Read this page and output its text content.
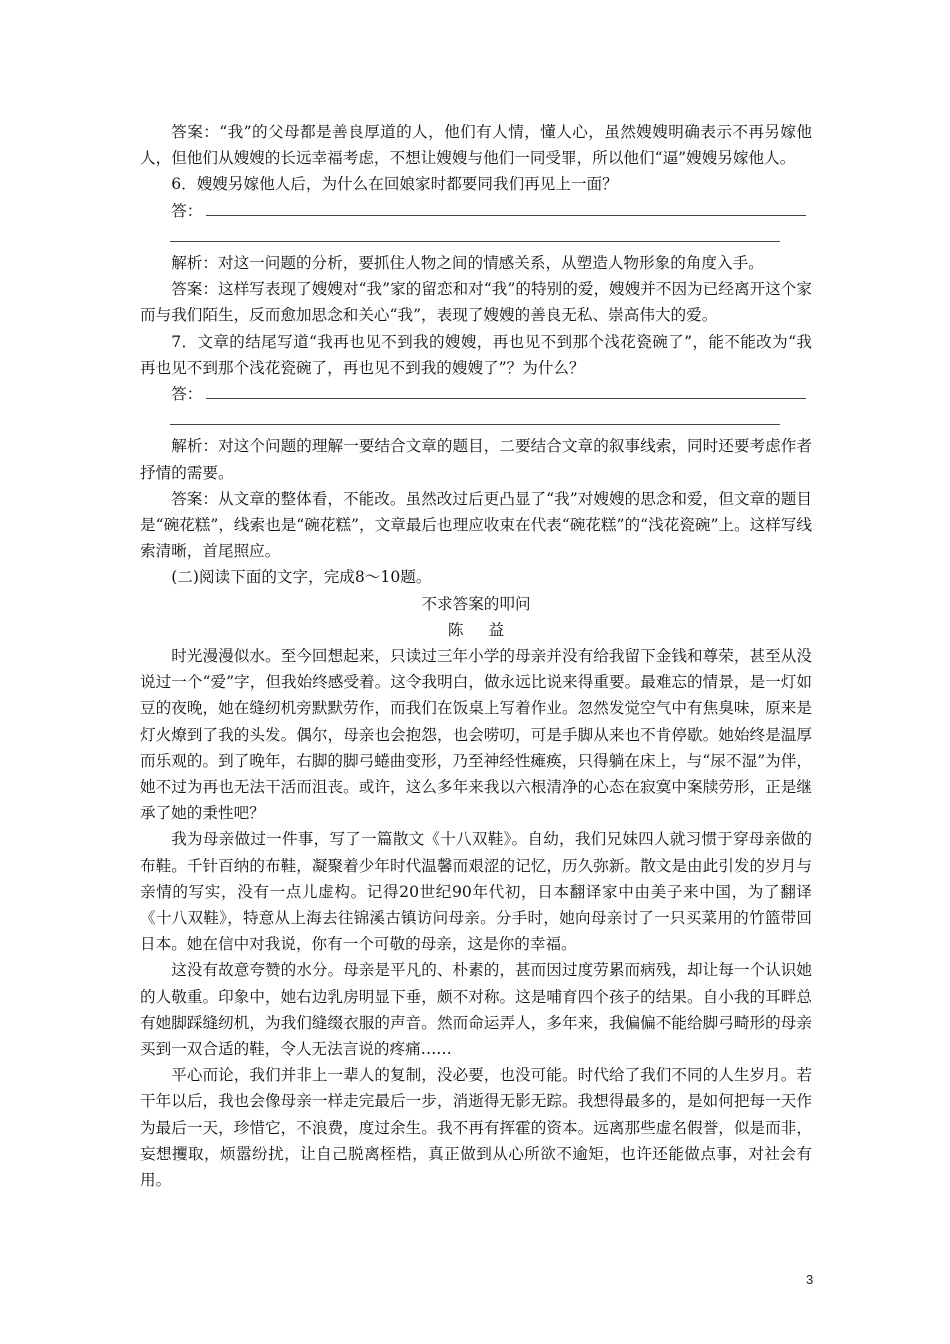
答案：“我”的父母都是善良厚道的人，他们有人情，懂人心，虽然嫂嫂明确表示不再另嫁他人，但他们从嫂嫂的长远幸福考虑，不想让嫂嫂与他们一同受罪，所以他们“逼”嫂嫂另嫁他人。

6．嫂嫂另嫁他人后，为什么在回娘家时都要同我们再见上一面？

答：

解析：对这一问题的分析，要抓住人物之间的情感关系，从塑造人物形象的角度入手。

答案：这样写表现了嫂嫂对“我”家的留恋和对“我”的特别的爱，嫂嫂并不因为已经离开这个家而与我们陌生，反而愈加思念和关心“我”，表现了嫂嫂的善良无私、崇高伟大的爱。

7．文章的结尾写道“我再也见不到我的嫂嫂，再也见不到那个浅花瓷碗了”，能不能改为“我再也见不到那个浅花瓷碗了，再也见不到我的嫂嫂了”？为什么？

答：

解析：对这个问题的理解一要结合文章的题目，二要结合文章的叙事线索，同时还要考虑作者抒情的需要。

答案：从文章的整体看，不能改。虽然改过后更凸显了“我”对嫂嫂的思念和爱，但文章的题目是“碗花糕”，线索也是“碗花糕”，文章最后也理应收束在代表“碗花糕”的“浅花瓷碗”上。这样写线索清晰，首尾照应。

(二)阅读下面的文字，完成8～10题。

不求答案的叩问

陈益

时光漫漫似水。至今回想起来，只读过三年小学的母亲并没有给我留下金钱和尊荣，甚至从没说过一个“爱”字，但我始终感受着。这令我明白，做永远比说来得重要。最难忘的情景，是一灯如豆的夜晚，她在缝纫机旁默默劳作，而我们在饭桌上写着作业。忽然发觉空气中有焦臭味，原来是灯火燎到了我的头发。偶尔，母亲也会抱怨，也会唠叨，可是手脚从来也不肯停歇。她始终是温厚而乐观的。到了晚年，右脚的脚弓蜷曲变形，乃至神经性瘫痪，只得躺在床上，与“尿不湿”为伴，她不过为再也无法干活而沮丧。或许，这么多年来我以六根清净的心态在寂寞中案牍劳形，正是继承了她的秉性吧？

我为母亲做过一件事，写了一篇散文《十八双鞋》。自幼，我们兄妹四人就习惯于穿母亲做的布鞋。千针百纳的布鞋，凝聚着少年时代温馨而艰涩的记忆，历久弥新。散文是由此引发的岁月与亲情的写实，没有一点儿虚构。记得20世纪90年代初，日本翻译家中由美子来中国，为了翻译《十八双鞋》，特意从上海去往锦溪古镇访问母亲。分手时，她向母亲讨了一只买菜用的竹篮带回日本。她在信中对我说，你有一个可敬的母亲，这是你的幸福。

这没有故意夸赞的水分。母亲是平凡的、朴素的，甚而因过度劳累而病残，却让每一个认识她的人敬重。印象中，她右边乳房明显下垂，颇不对称。这是哺育四个孩子的结果。自小我的耳畔总有她脚踩缝纫机，为我们缝缀衣服的声音。然而命运弄人，多年来，我偏偏不能给脚弓畸形的母亲买到一双合适的鞋，令人无法言说的疼痛……

平心而论，我们并非上一辈人的复制，没必要，也没可能。时代给了我们不同的人生岁月。若干年以后，我也会像母亲一样走完最后一步，消逝得无影无踪。我想得最多的，是如何把每一天作为最后一天，珍惜它，不浪费，度过余生。我不再有挥霍的资本。远离那些虚名假誉，似是而非，妄想攫取，烦嚣纷扰，让自己脱离桎梏，真正做到从心所欲不逾矩，也许还能做点事，对社会有用。

3
